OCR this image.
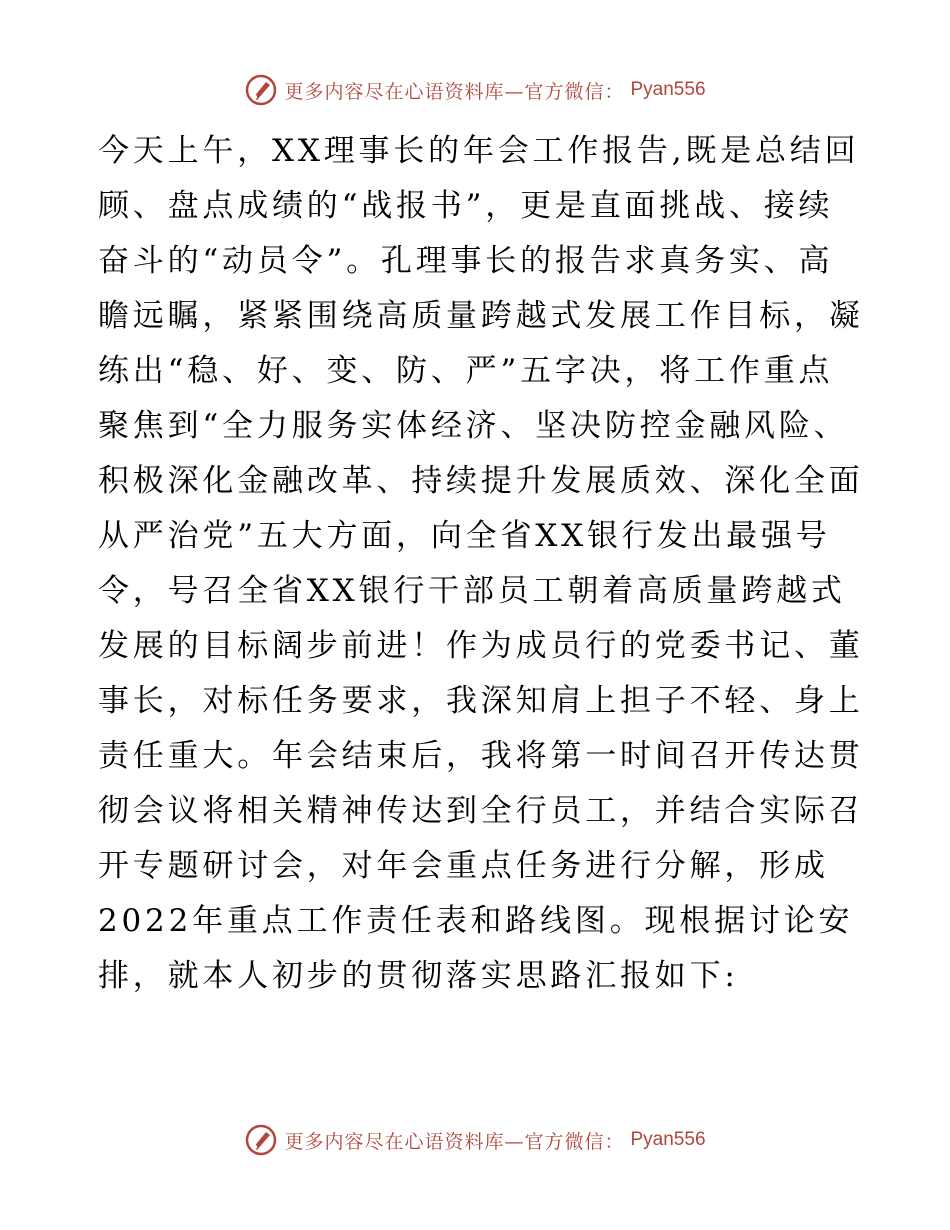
更多内容尽在心语资料库—官方微信： Pyan556
今天上午，XX理事长的年会工作报告,既是总结回
顾、盘点成绩的“战报书”，更是直面挑战、接续
奋斗的“动员令”。孔理事长的报告求真务实、高
瞻远瞩，紧紧围绕高质量跨越式发展工作目标，凝
练出“稳、好、变、防、严”五字决，将工作重点
聚焦到“全力服务实体经济、坚决防控金融风险、
积极深化金融改革、持续提升发展质效、深化全面
从严治党”五大方面，向全省XX银行发出最强号
令，号召全省XX银行干部员工朝着高质量跨越式
发展的目标阔步前进！作为成员行的党委书记、董
事长，对标任务要求，我深知肩上担子不轻、身上
责任重大。年会结束后，我将第一时间召开传达贯
彻会议将相关精神传达到全行员工，并结合实际召
开专题研讨会，对年会重点任务进行分解，形成
2022年重点工作责任表和路线图。现根据讨论安
排，就本人初步的贯彻落实思路汇报如下:
更多内容尽在心语资料库—官方微信： Pyan556
